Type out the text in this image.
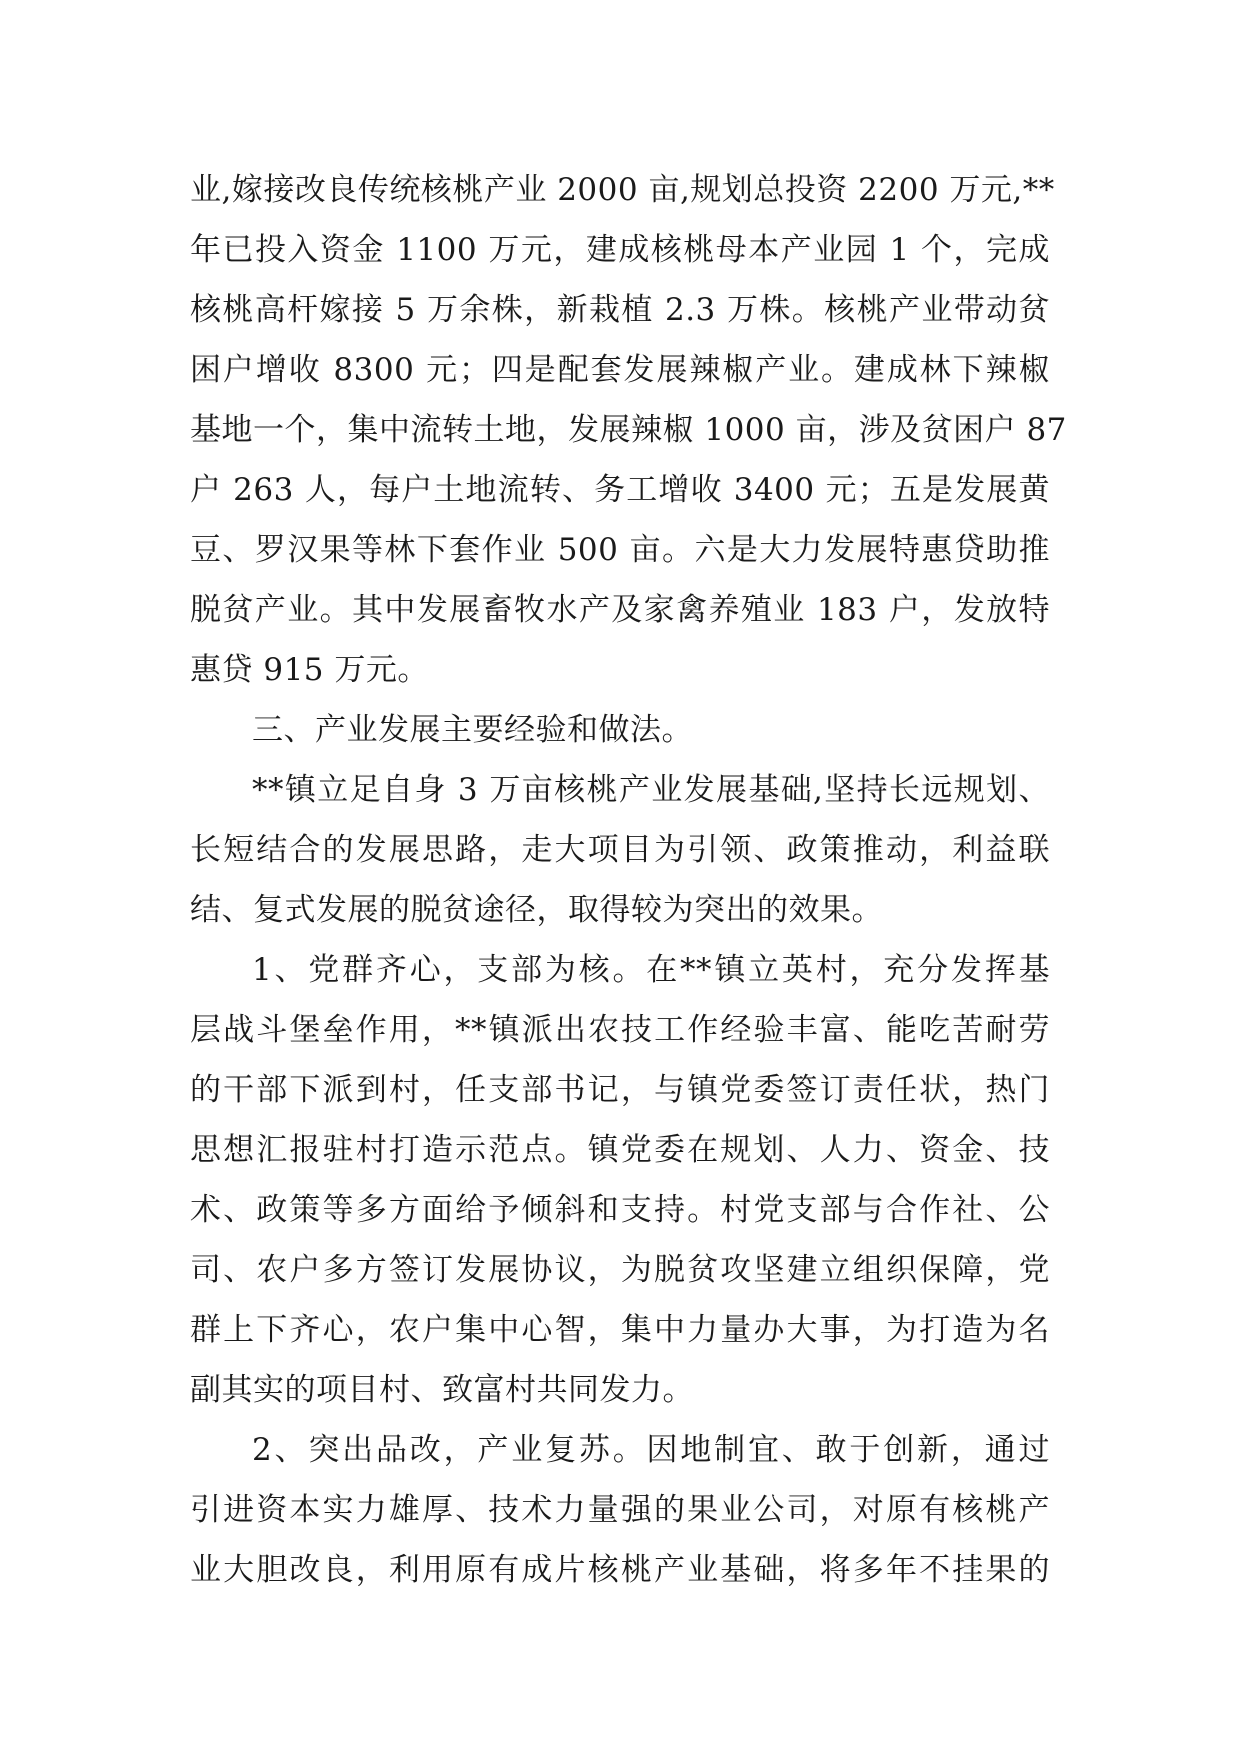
业,嫁接改良传统核桃产业 2000 亩,规划总投资 2200 万元,**
年已投入资金 1100 万元，建成核桃母本产业园 1 个，完成
核桃高杆嫁接 5 万余株，新栽植 2.3 万株。核桃产业带动贫
困户增收 8300 元；四是配套发展辣椒产业。建成林下辣椒
基地一个，集中流转土地，发展辣椒 1000 亩，涉及贫困户 87
户 263 人，每户土地流转、务工增收 3400 元；五是发展黄
豆、罗汉果等林下套作业 500 亩。六是大力发展特惠贷助推
脱贫产业。其中发展畜牧水产及家禽养殖业 183 户，发放特
惠贷 915 万元。
三、产业发展主要经验和做法。
**镇立足自身 3 万亩核桃产业发展基础,坚持长远规划、
长短结合的发展思路，走大项目为引领、政策推动，利益联
结、复式发展的脱贫途径，取得较为突出的效果。
1、党群齐心，支部为核。在**镇立英村，充分发挥基
层战斗堡垒作用，**镇派出农技工作经验丰富、能吃苦耐劳
的干部下派到村，任支部书记，与镇党委签订责任状，热门
思想汇报驻村打造示范点。镇党委在规划、人力、资金、技
术、政策等多方面给予倾斜和支持。村党支部与合作社、公
司、农户多方签订发展协议，为脱贫攻坚建立组织保障，党
群上下齐心，农户集中心智，集中力量办大事，为打造为名
副其实的项目村、致富村共同发力。
2、突出品改，产业复苏。因地制宜、敢于创新，通过
引进资本实力雄厚、技术力量强的果业公司，对原有核桃产
业大胆改良，利用原有成片核桃产业基础，将多年不挂果的
